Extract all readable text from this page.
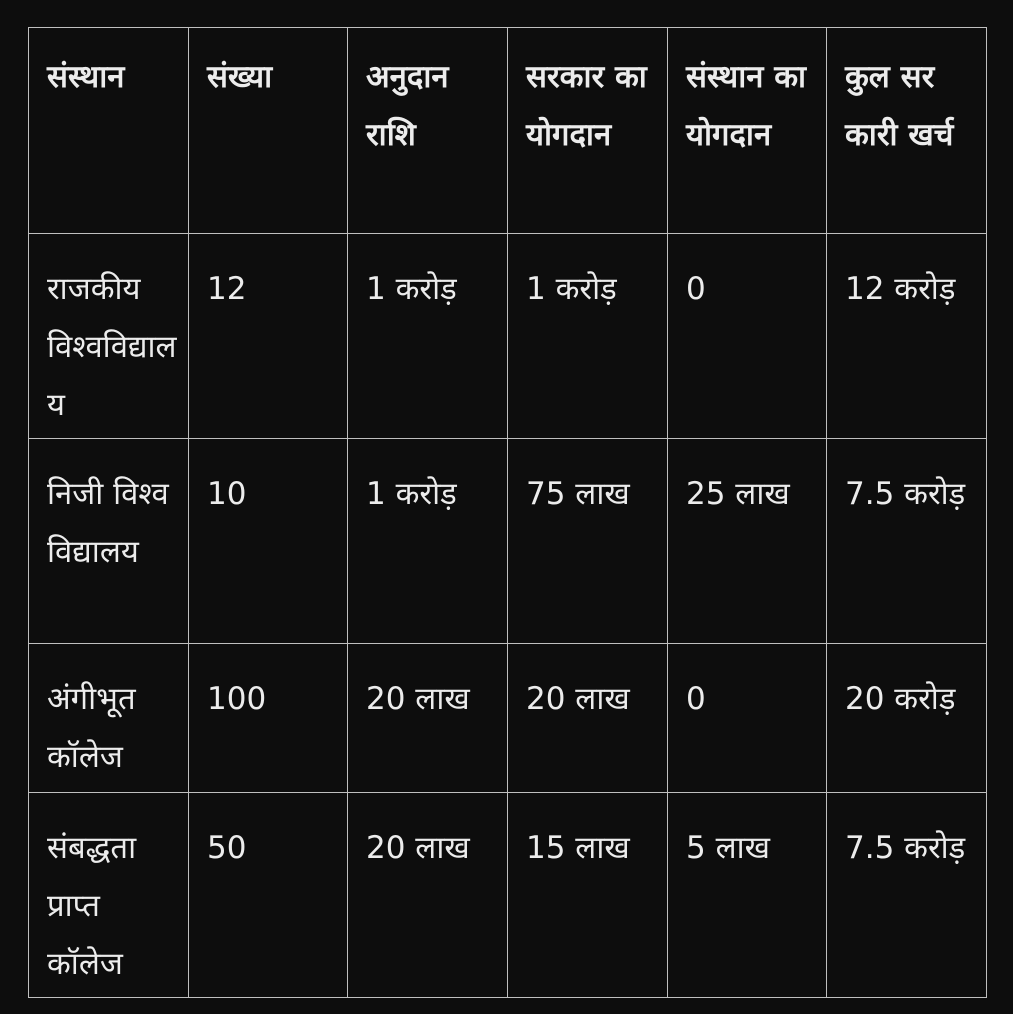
संस्थान	संख्या	अनुदान राशि	सरकार का योगदान	संस्थान का योगदान	कुल सरकारी खर्च
राजकीय विश्वविद्यालय	12	1 करोड़	1 करोड़	0	12 करोड़
निजी विश्वविद्यालय	10	1 करोड़	75 लाख	25 लाख	7.5 करोड़
अंगीभूत कॉलेज	100	20 लाख	20 लाख	0	20 करोड़
संबद्धता प्राप्त कॉलेज	50	20 लाख	15 लाख	5 लाख	7.5 करोड़
